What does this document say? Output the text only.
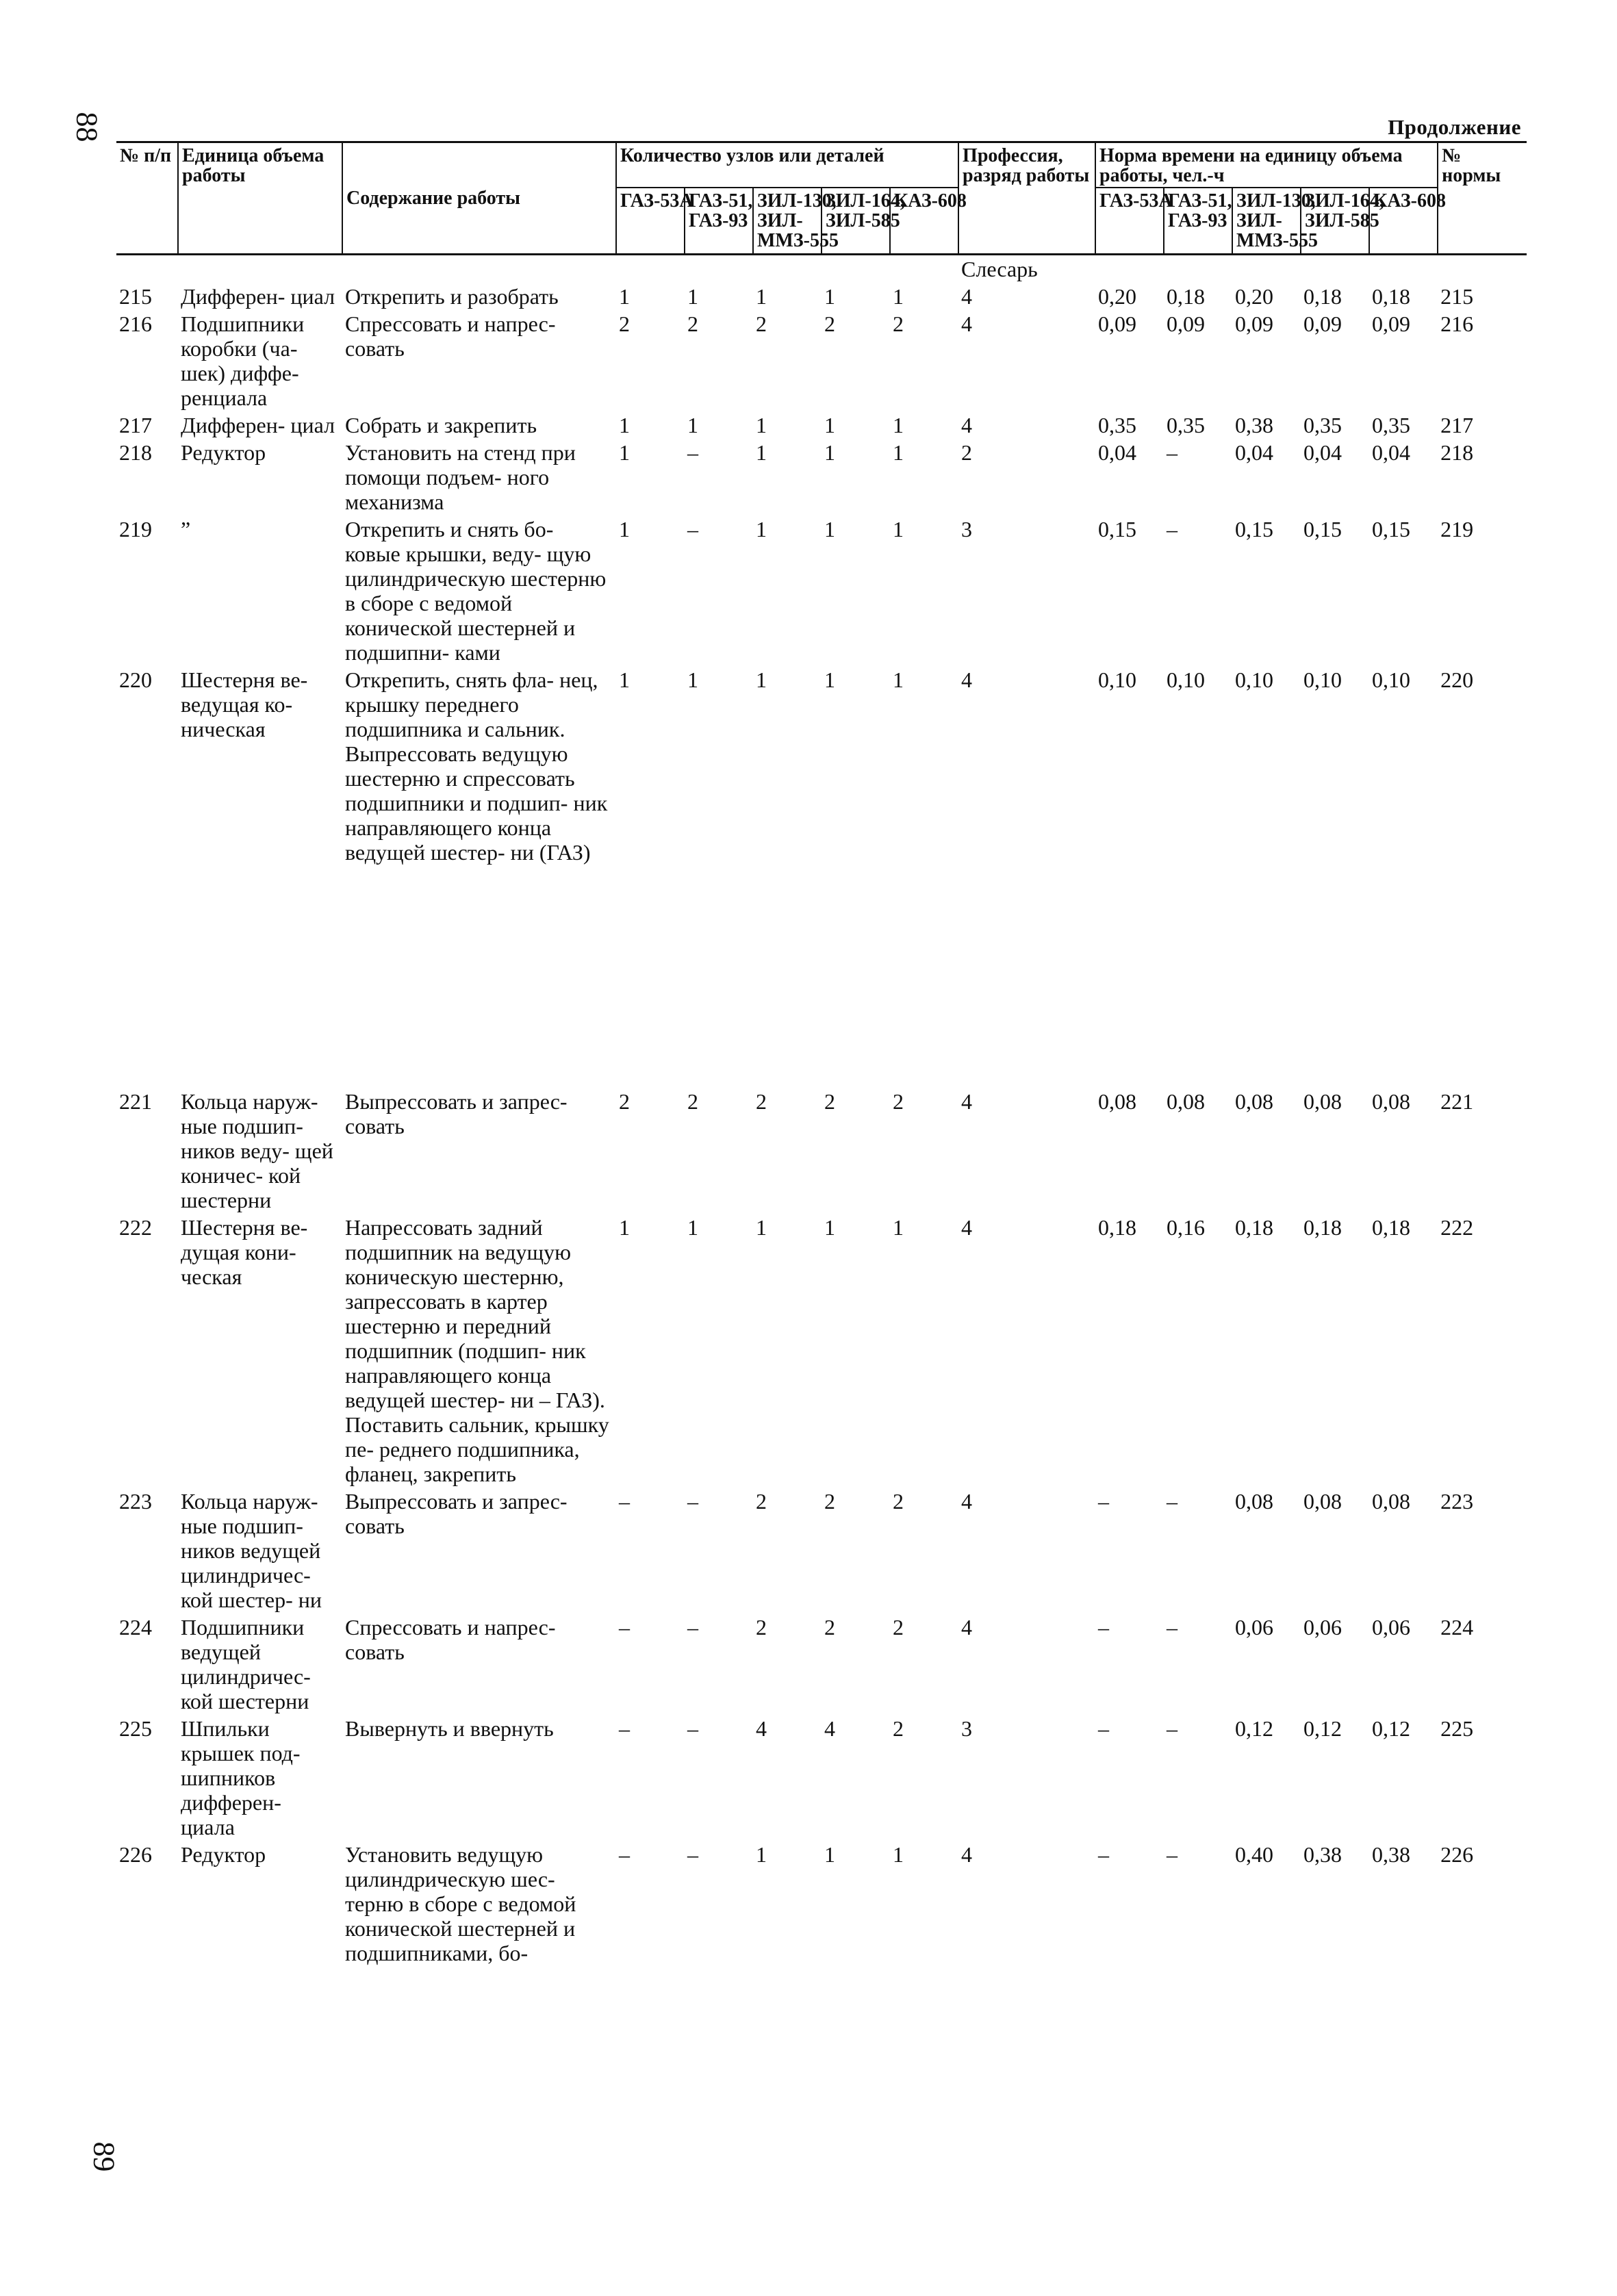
88	Продолжение
№ п/п	Единица объема работы	Содержание работы	Количество узлов или деталей					Профессия, разряд работы	Норма времени на единицу объема работы, чел.-ч					№ нормы
			ГАЗ-53А	ГАЗ-51, ГАЗ-93	ЗИЛ-130, ЗИЛ-ММЗ-555	ЗИЛ-164, ЗИЛ-585	КАЗ-608		ГАЗ-53А	ГАЗ-51, ГАЗ-93	ЗИЛ-130, ЗИЛ-ММЗ-555	ЗИЛ-164, ЗИЛ-585	КАЗ-608	
								Слесарь						
215	Дифферен- циал	Открепить и разобрать	1	1	1	1	1	4	0,20	0,18	0,20	0,18	0,18	215
216	Подшипники коробки (ча- шек) диффе- ренциала	Спрессовать и напрес- совать	2	2	2	2	2	4	0,09	0,09	0,09	0,09	0,09	216
217	Дифферен- циал	Собрать и закрепить	1	1	1	1	1	4	0,35	0,35	0,38	0,35	0,35	217
218	Редуктор	Установить на стенд при помощи подъем- ного механизма	1	–	1	1	1	2	0,04	–	0,04	0,04	0,04	218
219	”	Открепить и снять бо- ковые крышки, веду- щую цилиндрическую шестерню в сборе с ведомой конической шестерней и подшипни- ками	1	–	1	1	1	3	0,15	–	0,15	0,15	0,15	219
220	Шестерня ве- ведущая ко- ническая	Открепить, снять фла- нец, крышку переднего подшипника и сальник. Выпрессовать ведущую шестерню и спрессовать подшипники и подшип- ник направляющего конца ведущей шестер- ни (ГАЗ)	1	1	1	1	1	4	0,10	0,10	0,10	0,10	0,10	220

221	Кольца наруж- ные подшип- ников веду- щей коничес- кой шестерни	Выпрессовать и запрес- совать	2	2	2	2	2	4	0,08	0,08	0,08	0,08	0,08	221
222	Шестерня ве- дущая кони- ческая	Напрессовать задний подшипник на ведущую коническую шестерню, запрессовать в картер шестерню и передний подшипник (подшип- ник направляющего конца ведущей шестер- ни – ГАЗ). Поставить сальник, крышку пе- реднего подшипника, фланец, закрепить	1	1	1	1	1	4	0,18	0,16	0,18	0,18	0,18	222
223	Кольца наруж- ные подшип- ников ведущей цилиндричес- кой шестер- ни	Выпрессовать и запрес- совать	–	–	2	2	2	4	–	–	0,08	0,08	0,08	223
224	Подшипники ведущей цилиндричес- кой шестерни	Спрессовать и напрес- совать	–	–	2	2	2	4	–	–	0,06	0,06	0,06	224
225	Шпильки крышек под- шипников дифферен- циала	Вывернуть и ввернуть	–	–	4	4	2	3	–	–	0,12	0,12	0,12	225
226	Редуктор	Установить ведущую цилиндрическую шес- терню в сборе с ведомой конической шестерней и подшипниками, бо-	–	–	1	1	1	4	–	–	0,40	0,38	0,38	226
89
